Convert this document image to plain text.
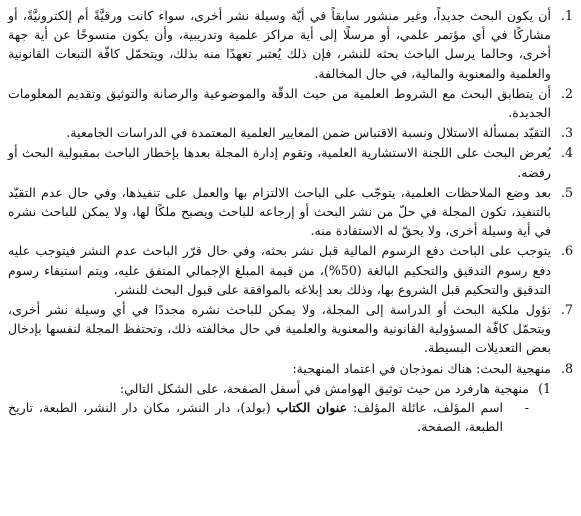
1.
أن يكون البحث جديداً، وغير منشور سابقاً في أيّة وسيلة نشر أخرى، سواء كانت ورقيَّةً أم إلكترونيَّةً، أو مشاركًا في أي مؤتمر علمي، أو مرسلًا إلى أية مراكز علمية وتدريبية، وأن يكون منسوخًا عن أية جهة أخرى، وحالما يرسل الباحث بحثه للنشر، فإن ذلك يُعتبر تعهدًا منه بذلك، ويتحمّل كافّة التبعات القانونية والعلمية والمعنوية والمالية، في حال المخالفة.
2.
أن يتطابق البحث مع الشروط العلمية من حيث الدقّة والموضوعية والرصانة والتوثيق وتقديم المعلومات الجديدة.
3.
التقيّد بمسألة الاستلال ونسبة الاقتباس ضمن المعايير العلمية المعتمدة في الدراسات الجامعية.
4.
يُعرض البحث على اللجنة الاستشارية العلمية، وتقوم إدارة المجلة بعدها بإخطار الباحث بمقبولية البحث أو رفضه.
5.
بعد وضع الملاحظات العلمية، يتوجّب على الباحث الالتزام بها والعمل على تنفيذها، وفي حال عدم التقيّد بالتنفيذ، تكون المجلة في حلّ من نشر البحث أو إرجاعه للباحث ويصبح ملكًا لها، ولا يمكن للباحث نشره في أية وسيلة أخرى، ولا يحقّ له الاستفادة منه.
6.
يتوجب على الباحث دفع الرسوم المالية قبل نشر بحثه، وفي حال قرّر الباحث عدم النشر فيتوجب عليه دفع رسوم التدقيق والتحكيم البالغة (50%)، من قيمة المبلغ الإجمالي المتفق عليه، ويتم استيفاء رسوم التدقيق والتحكيم قبل الشروع بها، وذلك بعد إبلاغه بالموافقة على قبول البحث للنشر.
7.
تؤول ملكية البحث أو الدراسة إلى المجلة، ولا يمكن للباحث نشره مجددًا في أي وسيلة نشر أخرى، ويتحمّل كافّة المسؤولية القانونية والمعنوية والعلمية في حال مخالفته ذلك، وتحتفظ المجلة لنفسها بإدخال بعض التعديلات البسيطة.
8.
منهجية البحث: هناك نموذجان في اعتماد المنهجية:
1)
منهجية هارفرد من حيث توثيق الهوامش في أسفل الصفحة، على الشكل التالي:
-
اسم المؤلف، عائلة المؤلف: عنوان الكتاب (بولد)، دار النشر، مكان دار النشر، الطبعة، تاريخ الطبعة، الصفحة.
